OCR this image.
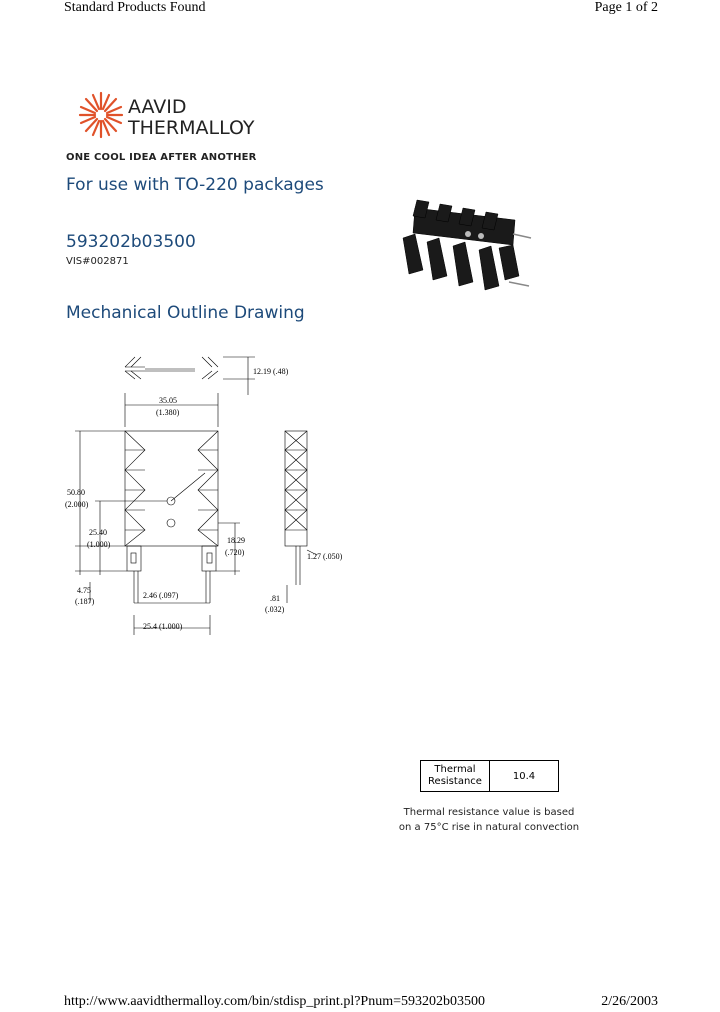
Standard Products Found	Page 1 of 2
AAVID
THERMALLOY
ONE COOL IDEA AFTER ANOTHER
For use with TO-220 packages
593202b03500
VIS#002871
Mechanical Outline Drawing
12.19 (.48)
35.05
(1.380)
50.80
(2.000)
25.40
(1.000)	18.29
(.720)	1.27 (.050)
4.75
(.187)
2.46 (.097)	.81
(.032)
25.4 (1.000)
Thermal
Resistance	10.4
Thermal resistance value is based on a 75°C rise in natural convection
http://www.aavidthermalloy.com/bin/stdisp_print.pl?Pnum=593202b03500	2/26/2003
